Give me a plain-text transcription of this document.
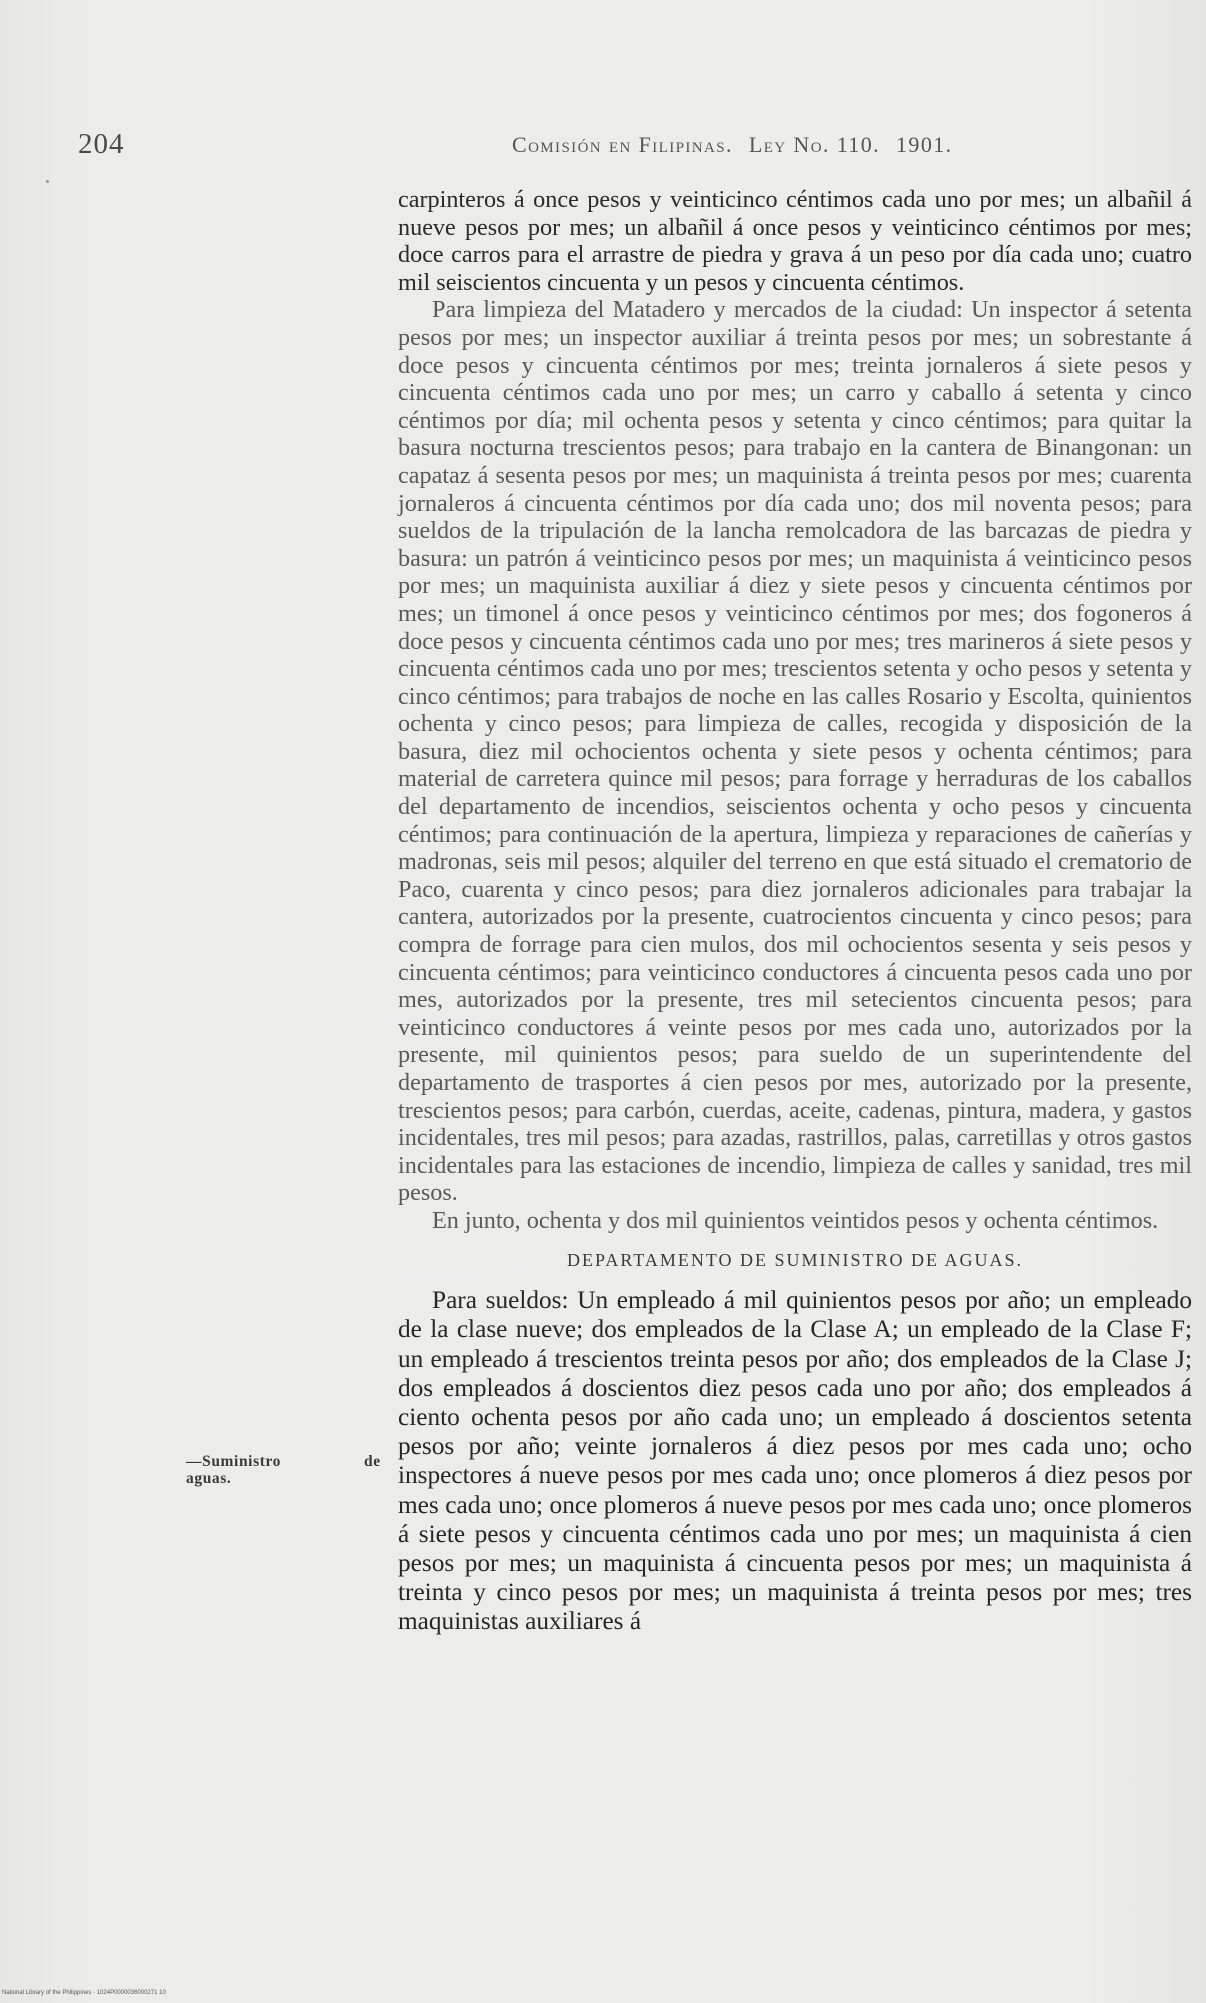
204	Comisión en Filipinas. Ley No. 110. 1901.

carpinteros á once pesos y veinticinco céntimos cada uno por mes; un albañil á nueve pesos por mes; un albañil á once pesos y veinticinco céntimos por mes; doce carros para el arrastre de piedra y grava á un peso por día cada uno; cuatro mil seiscientos cincuenta y un pesos y cincuenta céntimos.

Para limpieza del Matadero y mercados de la ciudad: Un inspector á setenta pesos por mes; un inspector auxiliar á treinta pesos por mes; un sobrestante á doce pesos y cincuenta céntimos por mes; treinta jornaleros á siete pesos y cincuenta céntimos cada uno por mes; un carro y caballo á setenta y cinco céntimos por día; mil ochenta pesos y setenta y cinco céntimos; para quitar la basura nocturna trescientos pesos; para trabajo en la cantera de Binangonan: un capataz á sesenta pesos por mes; un maquinista á treinta pesos por mes; cuarenta jornaleros á cincuenta céntimos por día cada uno; dos mil noventa pesos; para sueldos de la tripulación de la lancha remolcadora de las barcazas de piedra y basura: un patrón á veinticinco pesos por mes; un maquinista á veinticinco pesos por mes; un maquinista auxiliar á diez y siete pesos y cincuenta céntimos por mes; un timonel á once pesos y veinticinco céntimos por mes; dos fogoneros á doce pesos y cincuenta céntimos cada uno por mes; tres marineros á siete pesos y cincuenta céntimos cada uno por mes; trescientos setenta y ocho pesos y setenta y cinco céntimos; para trabajos de noche en las calles Rosario y Escolta, quinientos ochenta y cinco pesos; para limpieza de calles, recogida y disposición de la basura, diez mil ochocientos ochenta y siete pesos y ochenta céntimos; para material de carretera quince mil pesos; para forrage y herraduras de los caballos del departamento de incendios, seiscientos ochenta y ocho pesos y cincuenta céntimos; para continuación de la apertura, limpieza y reparaciones de cañerías y madronas, seis mil pesos; alquiler del terreno en que está situado el crematorio de Paco, cuarenta y cinco pesos; para diez jornaleros adicionales para trabajar la cantera, autorizados por la presente, cuatrocientos cincuenta y cinco pesos; para compra de forrage para cien mulos, dos mil ochocientos sesenta y seis pesos y cincuenta céntimos; para veinticinco conductores á cincuenta pesos cada uno por mes, autorizados por la presente, tres mil setecientos cincuenta pesos; para veinticinco conductores á veinte pesos por mes cada uno, autorizados por la presente, mil quinientos pesos; para sueldo de un superintendente del departamento de trasportes á cien pesos por mes, autorizado por la presente, trescientos pesos; para carbón, cuerdas, aceite, cadenas, pintura, madera, y gastos incidentales, tres mil pesos; para azadas, rastrillos, palas, carretillas y otros gastos incidentales para las estaciones de incendio, limpieza de calles y sanidad, tres mil pesos.

En junto, ochenta y dos mil quinientos veintidos pesos y ochenta céntimos.

DEPARTAMENTO DE SUMINISTRO DE AGUAS.

Para sueldos: Un empleado á mil quinientos pesos por año; un empleado de la clase nueve; dos empleados de la Clase A; un empleado de la Clase F; un empleado á trescientos treinta pesos por año; dos empleados de la Clase J; dos empleados á doscientos diez pesos cada uno por año; dos empleados á ciento ochenta pesos por año cada uno; un empleado á doscientos setenta pesos por año; veinte jornaleros á diez pesos por mes cada uno; ocho inspectores á nueve pesos por mes cada uno; once plomeros á diez pesos por mes cada uno; once plomeros á nueve pesos por mes cada uno; once plomeros á siete pesos y cincuenta céntimos cada uno por mes; un maquinista á cien pesos por mes; un maquinista á cincuenta pesos por mes; un maquinista á treinta y cinco pesos por mes; un maquinista á treinta pesos por mes; tres maquinistas auxiliares á

—Suministro	de
aguas.
National Library of the Philippines · 1024P0000036000271 10
